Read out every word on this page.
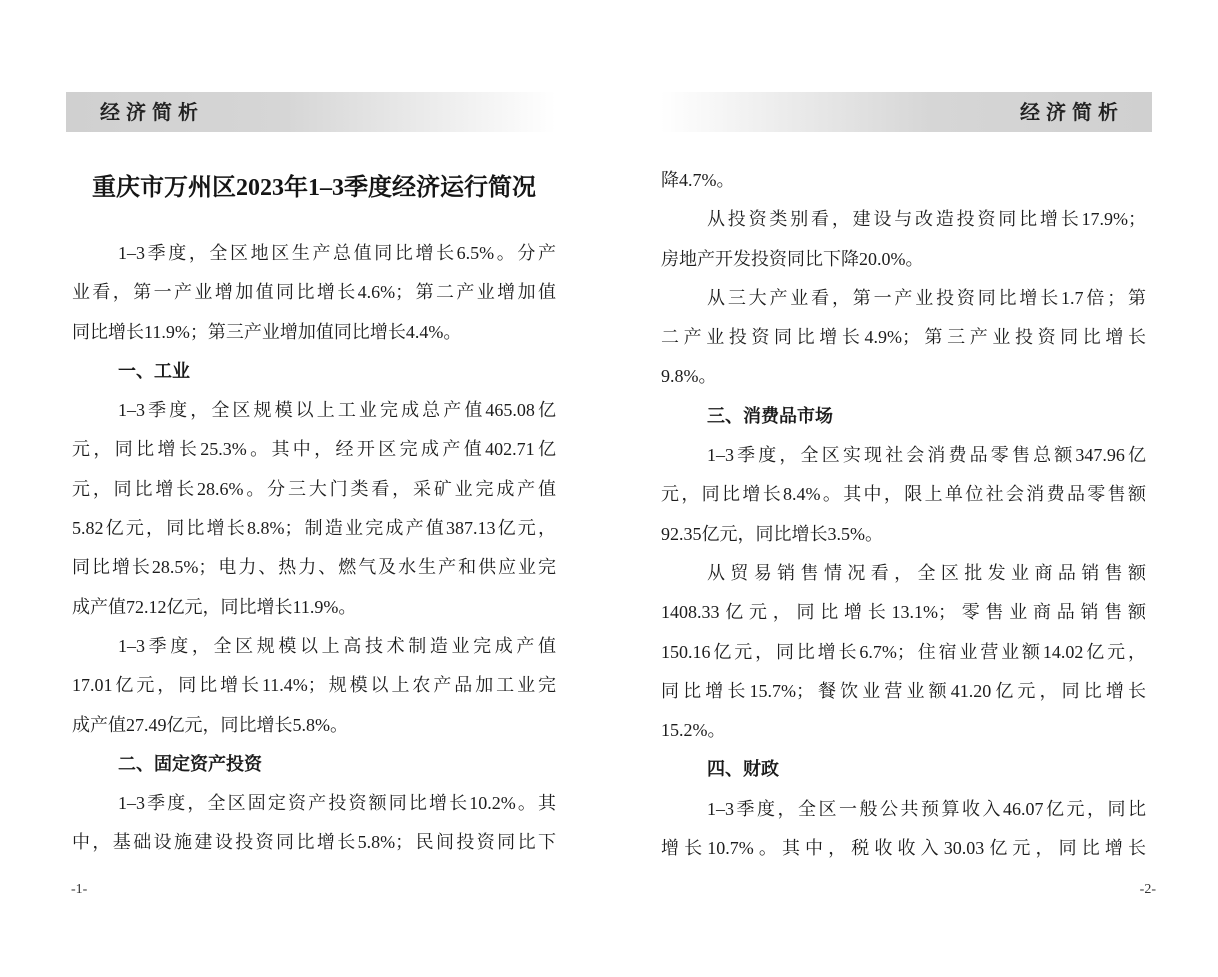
经济简析
重庆市万州区2023年1–3季度经济运行简况
1–3季度，全区地区生产总值同比增长6.5%。分产
业看，第一产业增加值同比增长4.6%；第二产业增加值
同比增长11.9%；第三产业增加值同比增长4.4%。
一、工业
1–3季度，全区规模以上工业完成总产值465.08亿
元，同比增长25.3%。其中，经开区完成产值402.71亿
元，同比增长28.6%。分三大门类看，采矿业完成产值
5.82亿元，同比增长8.8%；制造业完成产值387.13亿元，
同比增长28.5%；电力、热力、燃气及水生产和供应业完
成产值72.12亿元，同比增长11.9%。
1–3季度，全区规模以上高技术制造业完成产值
17.01亿元，同比增长11.4%；规模以上农产品加工业完
成产值27.49亿元，同比增长5.8%。
二、固定资产投资
1–3季度，全区固定资产投资额同比增长10.2%。其
中，基础设施建设投资同比增长5.8%；民间投资同比下
-1-
经济简析
降4.7%。
从投资类别看，建设与改造投资同比增长17.9%；
房地产开发投资同比下降20.0%。
从三大产业看，第一产业投资同比增长1.7倍；第
二产业投资同比增长4.9%；第三产业投资同比增长
9.8%。
三、消费品市场
1–3季度，全区实现社会消费品零售总额347.96亿
元，同比增长8.4%。其中，限上单位社会消费品零售额
92.35亿元，同比增长3.5%。
从贸易销售情况看，全区批发业商品销售额
1408.33亿元，同比增长13.1%；零售业商品销售额
150.16亿元，同比增长6.7%；住宿业营业额14.02亿元，
同比增长15.7%；餐饮业营业额41.20亿元，同比增长
15.2%。
四、财政
1–3季度，全区一般公共预算收入46.07亿元，同比
增长10.7%。其中，税收收入30.03亿元，同比增长
-2-
